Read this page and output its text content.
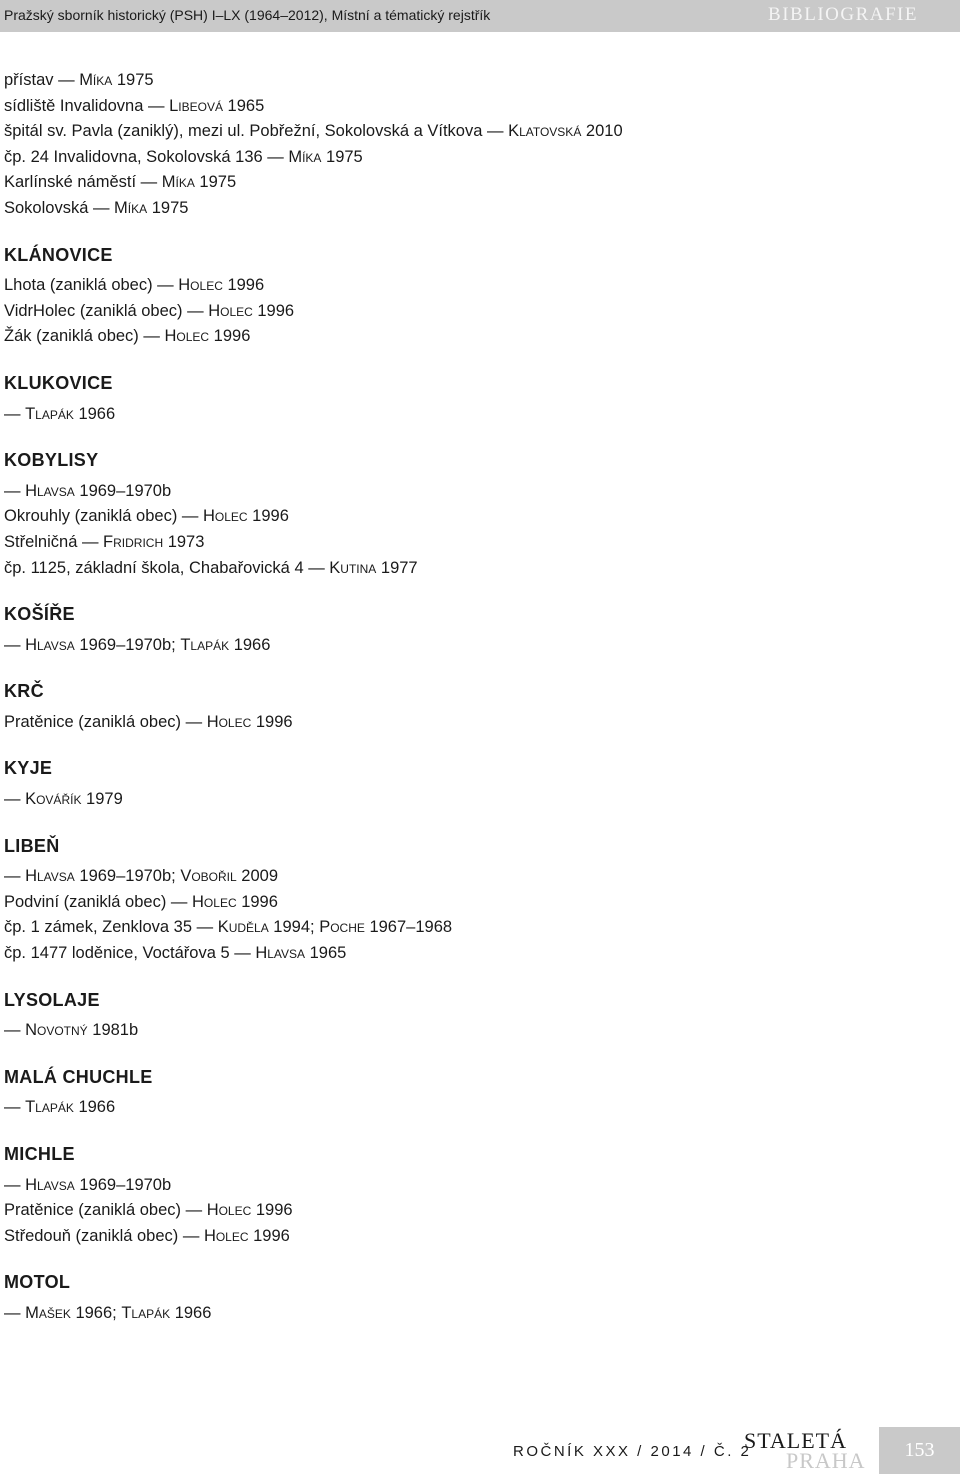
Pražský sborník historický (PSH) I–LX (1964–2012), Místní a tématický rejstřík	BIBLIOGRAFIE
přístav — Míka 1975
sídliště Invalidovna — Libeová 1965
špitál sv. Pavla (zaniklý), mezi ul. Pobřežní, Sokolovská a Vítkova — Klatovská 2010
čp. 24 Invalidovna, Sokolovská 136 — Míka 1975
Karlínské náměstí — Míka 1975
Sokolovská — Míka 1975
KLÁNOVICE
Lhota (zaniklá obec) — Holec 1996
VidrHolec (zaniklá obec) — Holec 1996
Žák (zaniklá obec) — Holec 1996
KLUKOVICE
— Tlapák 1966
KOBYLISY
— Hlavsa 1969–1970b
Okrouhly (zaniklá obec) — Holec 1996
Střelničná — Fridrich 1973
čp. 1125, základní škola, Chabařovická 4 — Kutina 1977
KOŠÍŘE
— Hlavsa 1969–1970b; Tlapák 1966
KRČ
Pratěnice (zaniklá obec) — Holec 1996
KYJE
— Kovářík 1979
LIBEŇ
— Hlavsa 1969–1970b; Vobořil 2009
Podviní (zaniklá obec) — Holec 1996
čp. 1 zámek, Zenklova 35 — Kuděla 1994; Poche 1967–1968
čp. 1477 loděnice, Voctářova 5 — Hlavsa 1965
LYSOLAJE
— Novotný 1981b
MALÁ CHUCHLE
— Tlapák 1966
MICHLE
— Hlavsa 1969–1970b
Pratěnice (zaniklá obec) — Holec 1996
Středouň (zaniklá obec) — Holec 1996
MOTOL
— Mašek 1966; Tlapák 1966
ROČNÍK XXX / 2014 / Č. 2
STALETÁ
PRAHA	153
